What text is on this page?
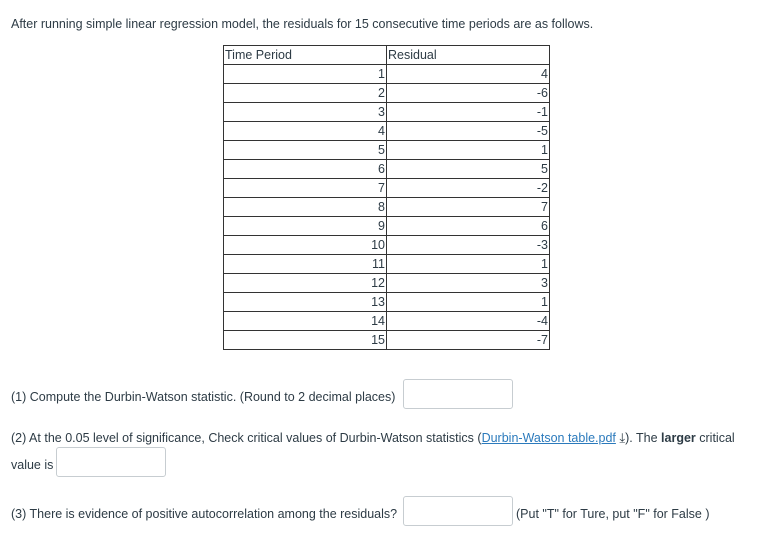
After running simple linear regression model, the residuals for 15 consecutive time periods are as follows.
Time Period	Residual
1	4
2	-6
3	-1
4	-5
5	1
6	5
7	-2
8	7
9	6
10	-3
11	1
12	3
13	1
14	-4
15	-7
(1) Compute the Durbin-Watson statistic. (Round to 2 decimal places)
(2) At the 0.05 level of significance, Check critical values of Durbin-Watson statistics (Durbin-Watson table.pdf ⤓). The larger critical
value is
(3) There is evidence of positive autocorrelation among the residuals?	(Put "T" for Ture, put "F" for False )
